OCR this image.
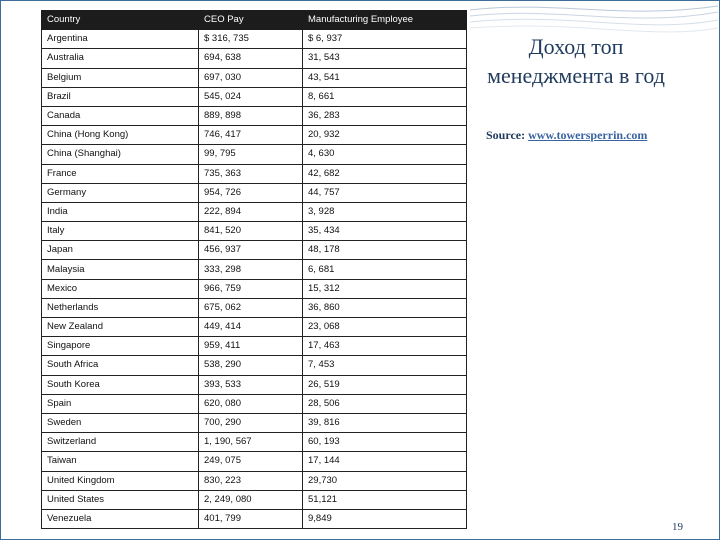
Country	CEO Pay	Manufacturing Employee
Argentina	$ 316, 735	$ 6, 937
Australia	694, 638	31, 543
Belgium	697, 030	43, 541
Brazil	545, 024	8, 661
Canada	889, 898	36, 283
China (Hong Kong)	746, 417	20, 932
China (Shanghai)	99, 795	4, 630
France	735, 363	42, 682
Germany	954, 726	44, 757
India	222, 894	3, 928
Italy	841, 520	35, 434
Japan	456, 937	48, 178
Malaysia	333, 298	6, 681
Mexico	966, 759	15, 312
Netherlands	675, 062	36, 860
New Zealand	449, 414	23, 068
Singapore	959, 411	17, 463
South Africa	538, 290	7, 453
South Korea	393, 533	26, 519
Spain	620, 080	28, 506
Sweden	700, 290	39, 816
Switzerland	1, 190, 567	60, 193
Taiwan	249, 075	17, 144
United Kingdom	830, 223	29,730
United States	2, 249, 080	51,121
Venezuela	401, 799	9,849
Доход топ менеджмента в год
Source: www.towersperrin.com
19
